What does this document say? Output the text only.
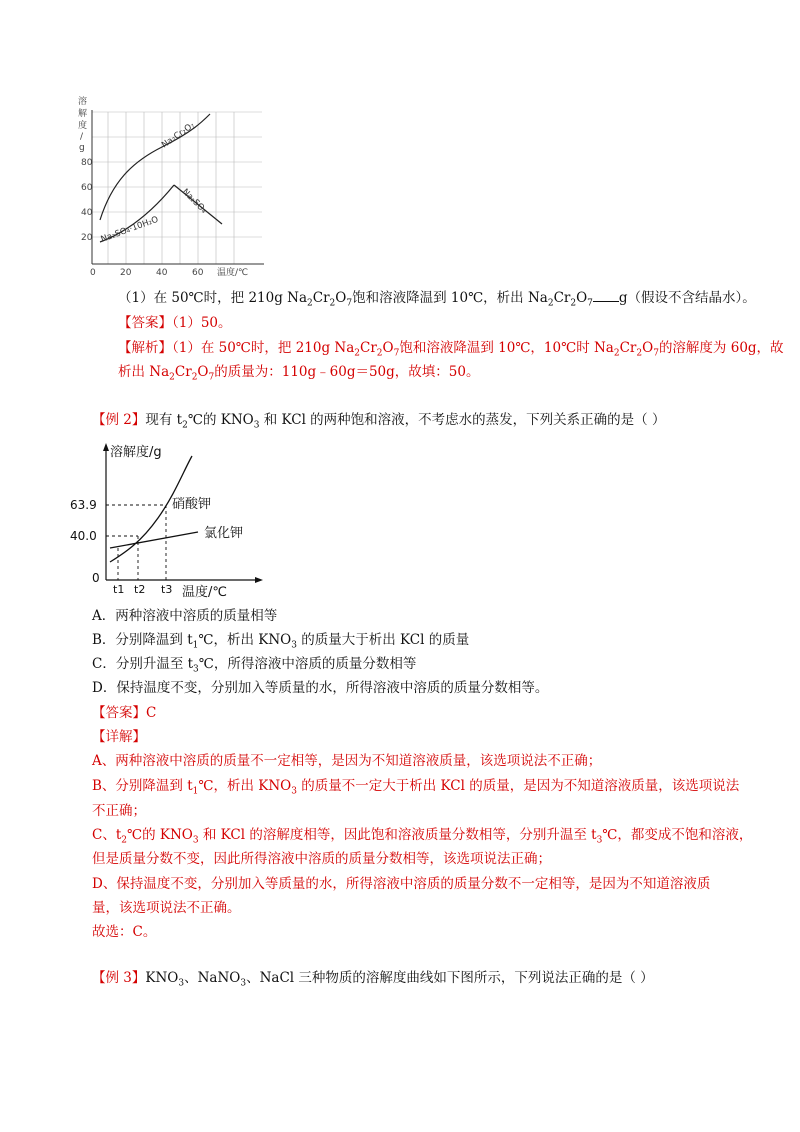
溶
解
度
/
g
80
60
40
20
0	20	40	60 温度/℃
Na₂Cr₂O₇
Na₂SO₄·10H₂O
Na₂SO₄
（1）在 50℃时，把 210g $Na_2Cr_2O_7$饱和溶液降温到 10℃，析出 $Na_2Cr_2O_7$ g（假设不含结晶水）。
【答案】（1）50。
【解析】（1）在 50℃时，把 210g $Na_2Cr_2O_7$饱和溶液降温到 10℃，10℃时 $Na_2Cr_2O_7$的溶解度为 60g，故
析出 $Na_2Cr_2O_7$的质量为：110g﹣60g＝50g，故填：50。
【例 2】现有 $t_2℃$的 $KNO_3$ 和 KCl 的两种饱和溶液，不考虑水的蒸发，下列关系正确的是（ ）
溶解度/g
63.9
40.0
0
硝酸钾
氯化钾
t1 t2 t3 温度/℃
A．两种溶液中溶质的质量相等
B．分别降温到 $t_1℃$，析出 $KNO_3$ 的质量大于析出 KCl 的质量
C．分别升温至 $t_3℃$，所得溶液中溶质的质量分数相等
D．保持温度不变，分别加入等质量的水，所得溶液中溶质的质量分数相等。
【答案】C
【详解】
A、两种溶液中溶质的质量不一定相等，是因为不知道溶液质量，该选项说法不正确；
B、分别降温到 $t_1℃$，析出 $KNO_3$ 的质量不一定大于析出 KCl 的质量，是因为不知道溶液质量，该选项说法
不正确；
C、$t_2℃$的 $KNO_3$ 和 KCl 的溶解度相等，因此饱和溶液质量分数相等，分别升温至 $t_3℃$，都变成不饱和溶液，
但是质量分数不变，因此所得溶液中溶质的质量分数相等，该选项说法正确；
D、保持温度不变，分别加入等质量的水，所得溶液中溶质的质量分数不一定相等，是因为不知道溶液质
量，该选项说法不正确。
故选：C。
【例 3】$KNO_3$、NaNO$_3$、NaCl 三种物质的溶解度曲线如下图所示，下列说法正确的是（ ）
